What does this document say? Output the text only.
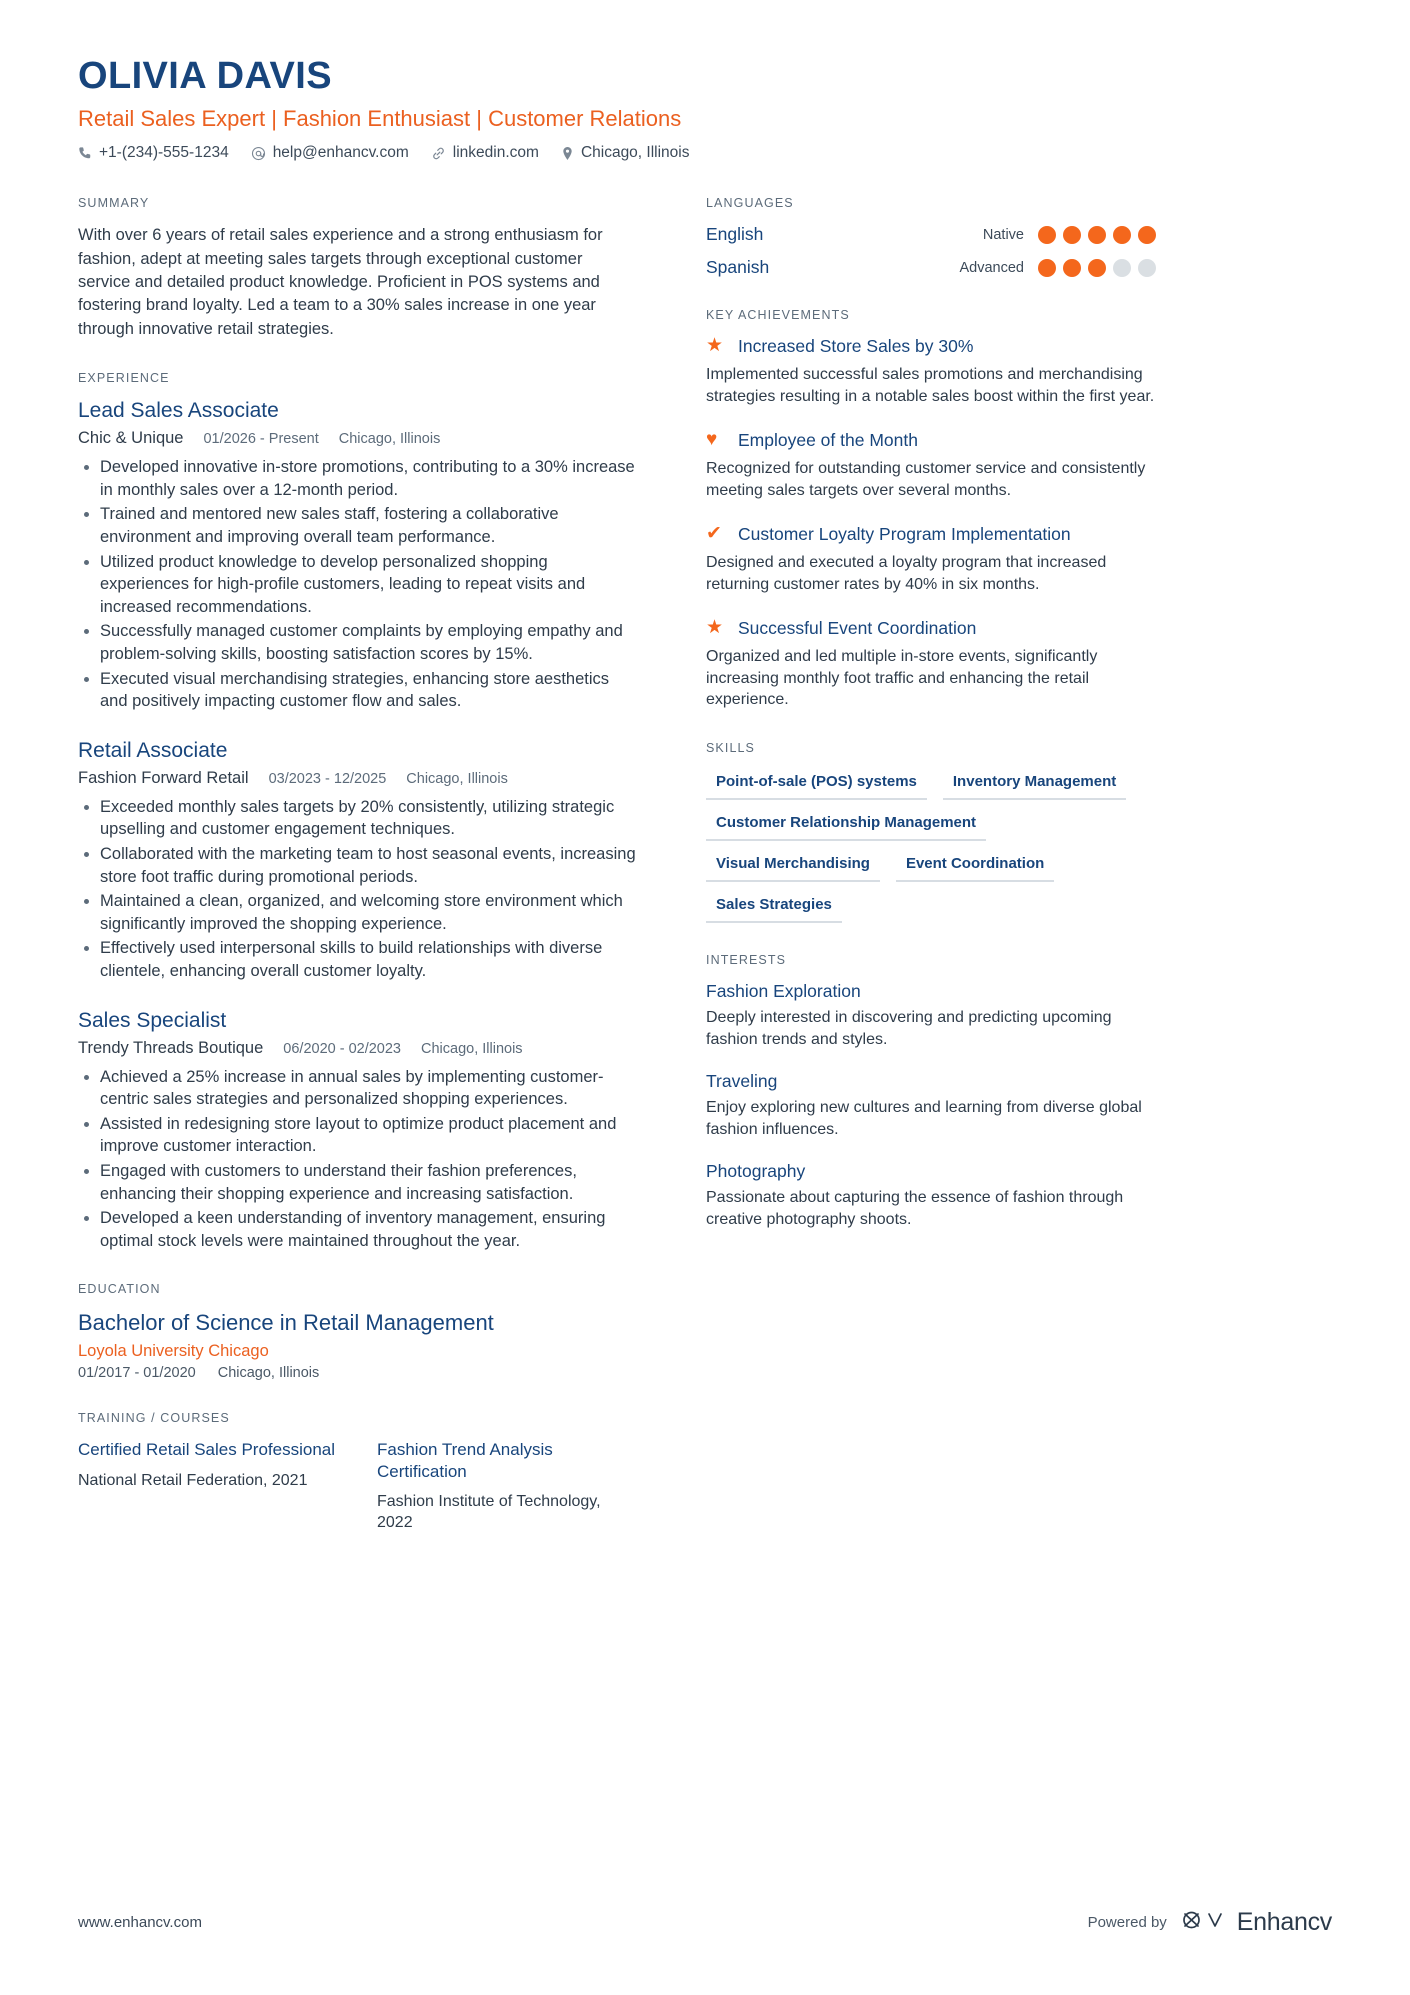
OLIVIA DAVIS
Retail Sales Expert | Fashion Enthusiast | Customer Relations
+1-(234)-555-1234	help@enhancv.com	linkedin.com	Chicago, Illinois
SUMMARY
With over 6 years of retail sales experience and a strong enthusiasm for fashion, adept at meeting sales targets through exceptional customer service and detailed product knowledge. Proficient in POS systems and fostering brand loyalty. Led a team to a 30% sales increase in one year through innovative retail strategies.
EXPERIENCE
Lead Sales Associate
Chic & Unique 01/2026 - Present Chicago, Illinois
• Developed innovative in-store promotions, contributing to a 30% increase in monthly sales over a 12-month period.
• Trained and mentored new sales staff, fostering a collaborative environment and improving overall team performance.
• Utilized product knowledge to develop personalized shopping experiences for high-profile customers, leading to repeat visits and increased recommendations.
• Successfully managed customer complaints by employing empathy and problem-solving skills, boosting satisfaction scores by 15%.
• Executed visual merchandising strategies, enhancing store aesthetics and positively impacting customer flow and sales.
Retail Associate
Fashion Forward Retail 03/2023 - 12/2025 Chicago, Illinois
• Exceeded monthly sales targets by 20% consistently, utilizing strategic upselling and customer engagement techniques.
• Collaborated with the marketing team to host seasonal events, increasing store foot traffic during promotional periods.
• Maintained a clean, organized, and welcoming store environment which significantly improved the shopping experience.
• Effectively used interpersonal skills to build relationships with diverse clientele, enhancing overall customer loyalty.
Sales Specialist
Trendy Threads Boutique 06/2020 - 02/2023 Chicago, Illinois
• Achieved a 25% increase in annual sales by implementing customer-centric sales strategies and personalized shopping experiences.
• Assisted in redesigning store layout to optimize product placement and improve customer interaction.
• Engaged with customers to understand their fashion preferences, enhancing their shopping experience and increasing satisfaction.
• Developed a keen understanding of inventory management, ensuring optimal stock levels were maintained throughout the year.
EDUCATION
Bachelor of Science in Retail Management
Loyola University Chicago
01/2017 - 01/2020 Chicago, Illinois
TRAINING / COURSES
Certified Retail Sales Professional
National Retail Federation, 2021
Fashion Trend Analysis Certification
Fashion Institute of Technology, 2022
LANGUAGES
English	Native
Spanish	Advanced
KEY ACHIEVEMENTS
★ Increased Store Sales by 30%
Implemented successful sales promotions and merchandising strategies resulting in a notable sales boost within the first year.
♥	Employee of the Month
Recognized for outstanding customer service and consistently meeting sales targets over several months.
✔ Customer Loyalty Program Implementation
Designed and executed a loyalty program that increased returning customer rates by 40% in six months.
★ Successful Event Coordination
Organized and led multiple in-store events, significantly increasing monthly foot traffic and enhancing the retail experience.
SKILLS
Point-of-sale (POS) systems	Inventory Management
Customer Relationship Management
Visual Merchandising	Event Coordination
Sales Strategies
INTERESTS
Fashion Exploration
Deeply interested in discovering and predicting upcoming fashion trends and styles.
Traveling
Enjoy exploring new cultures and learning from diverse global fashion influences.
Photography
Passionate about capturing the essence of fashion through creative photography shoots.
www.enhancv.com	Powered by	Enhancv
